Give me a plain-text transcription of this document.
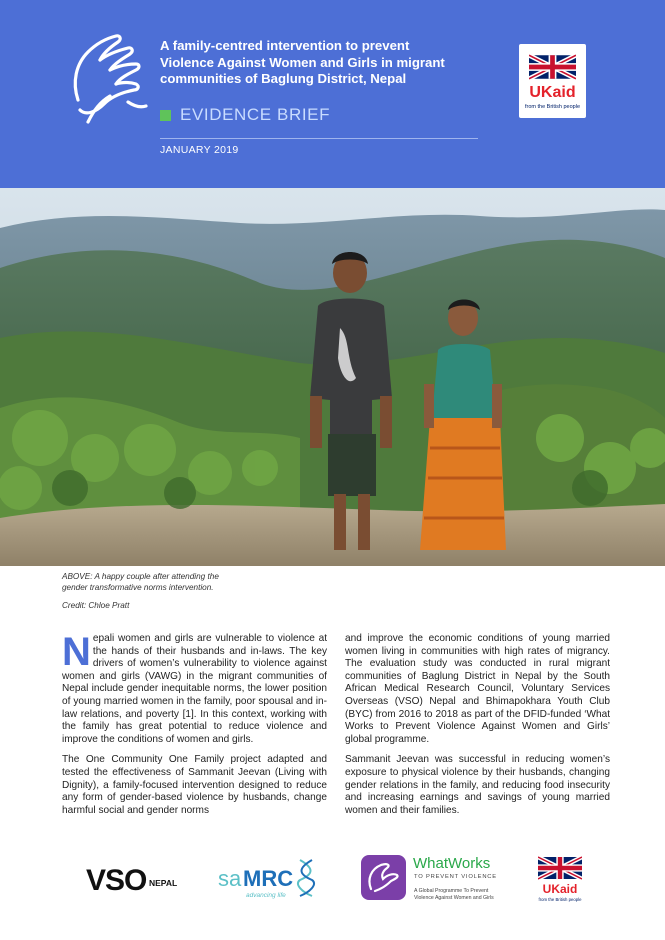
A family-centred intervention to prevent
Violence Against Women and Girls in migrant
communities of Baglung District, Nepal
EVIDENCE BRIEF
JANUARY 2019
UKaid
from the British people
ABOVE: A happy couple after attending the
gender transformative norms intervention.
Credit: Chloe Pratt

Nepali women and girls are vulnerable to violence at the hands of their husbands and in-laws. The key drivers of women’s vulnerability to violence against women and girls (VAWG) in the migrant communities of Nepal include gender inequitable norms, the lower position of young married women in the family, poor spousal and in-law relations, and poverty [1]. In this context, working with the family has great potential to reduce violence and improve the conditions of women and girls.

The One Community One Family project adapted and tested the effectiveness of Sammanit Jeevan (Living with Dignity), a family-focused intervention designed to reduce any form of gender-based violence by husbands, change harmful social and gender norms

and improve the economic conditions of young married women living in communities with high rates of migrancy. The evaluation study was conducted in rural migrant communities of Baglung District in Nepal by the South African Medical Research Council, Voluntary Services Overseas (VSO) Nepal and Bhimapokhara Youth Club (BYC) from 2016 to 2018 as part of the DFID-funded ‘What Works to Prevent Violence Against Women and Girls’ global programme.

Sammanit Jeevan was successful in reducing women’s exposure to physical violence by their husbands, changing gender relations in the family, and reducing food insecurity and increasing earnings and savings of young married women and their families.

VSO NEPAL sa MRC
advancing life
WhatWorks
TO PREVENT VIOLENCE
A Global Programme To Prevent
Violence Against Women and Girls
UKaid
from the British people
